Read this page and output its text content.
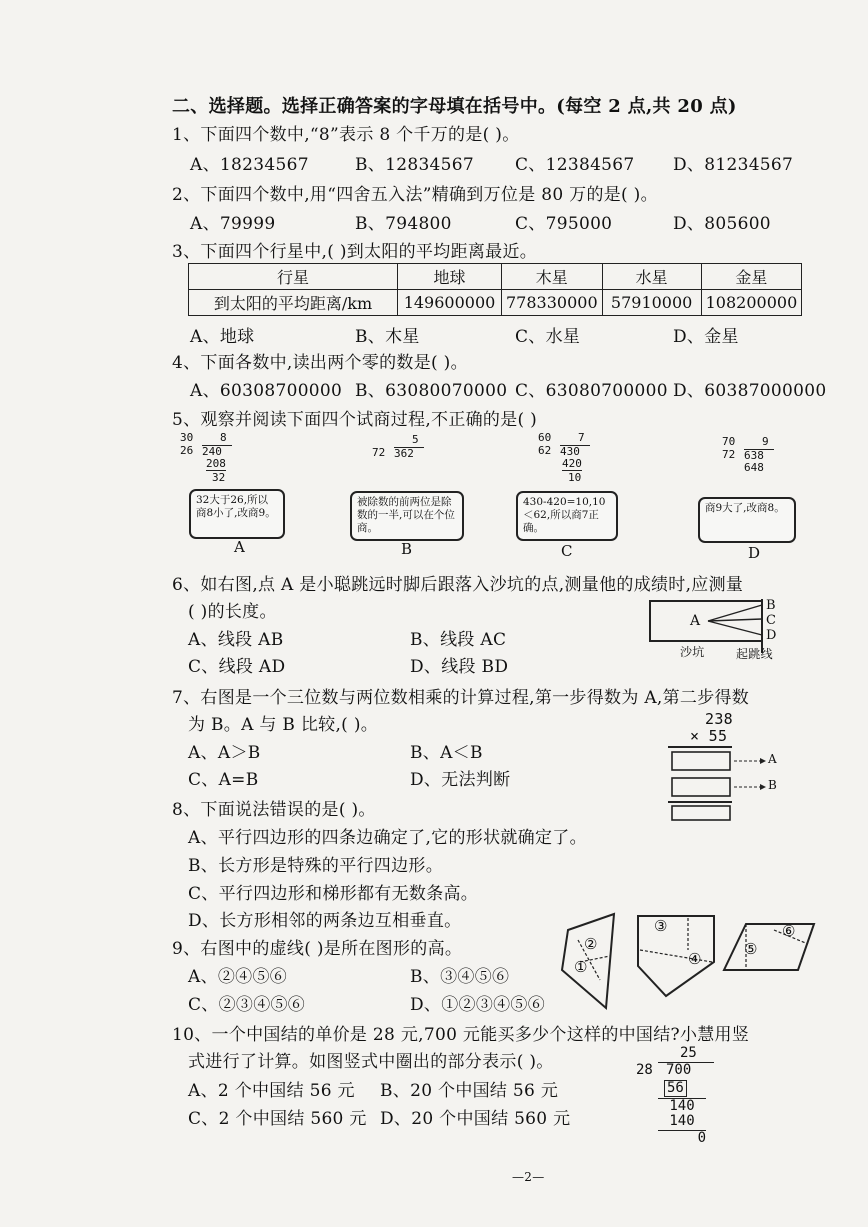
二、选择题。选择正确答案的字母填在括号中。(每空 2 点,共 20 点)
1、下面四个数中,“8”表示 8 个千万的是( )。
A、18234567	B、12834567 C、12384567 D、81234567
2、下面四个数中,用“四舍五入法”精确到万位是 80 万的是( )。
A、79999	B、794800	C、795000	D、805600
3、下面四个行星中,( )到太阳的平均距离最近。
行星	地球	木星	水星	金星
到太阳的平均距离/km	149600000	778330000	57910000	108200000
A、地球	B、木星	C、水星	D、金星
4、下面各数中,读出两个零的数是( )。
A、60308700000 B、63080070000 C、63080700000 D、60387000000
5、观察并阅读下面四个试商过程,不正确的是( )
30 8
26 240
208
32
5
72 362
60 7
62 430
420
10
70 9
72 638
648
32大于26,所以商8小了,改商9。
被除数的前两位是除数的一半,可以在个位商。
430-420=10,10＜62,所以商7正确。
商9大了,改商8。
A	B	C	D
6、如右图,点 A 是小聪跳远时脚后跟落入沙坑的点,测量他的成绩时,应测量
( )的长度。
A、线段 AB	B、线段 AC
C、线段 AD	D、线段 BD
A
B
C
D
沙坑	起跳线
7、右图是一个三位数与两位数相乘的计算过程,第一步得数为 A,第二步得数
为 B。A 与 B 比较,( )。
A、A＞B	B、A＜B
C、A=B	D、无法判断
238
× 55
A
B
8、下面说法错误的是( )。
A、平行四边形的四条边确定了,它的形状就确定了。
B、长方形是特殊的平行四边形。
C、平行四边形和梯形都有无数条高。
D、长方形相邻的两条边互相垂直。
9、右图中的虚线( )是所在图形的高。
A、②④⑤⑥	B、③④⑤⑥
C、②③④⑤⑥	D、①②③④⑤⑥
②
①
③
④
⑤
⑥
10、一个中国结的单价是 28 元,700 元能买多少个这样的中国结?小慧用竖
式进行了计算。如图竖式中圈出的部分表示( )。
A、2 个中国结 56 元 B、20 个中国结 56 元
C、2 个中国结 560 元 D、20 个中国结 560 元
25
28 700
56
140
140
0
—2—
